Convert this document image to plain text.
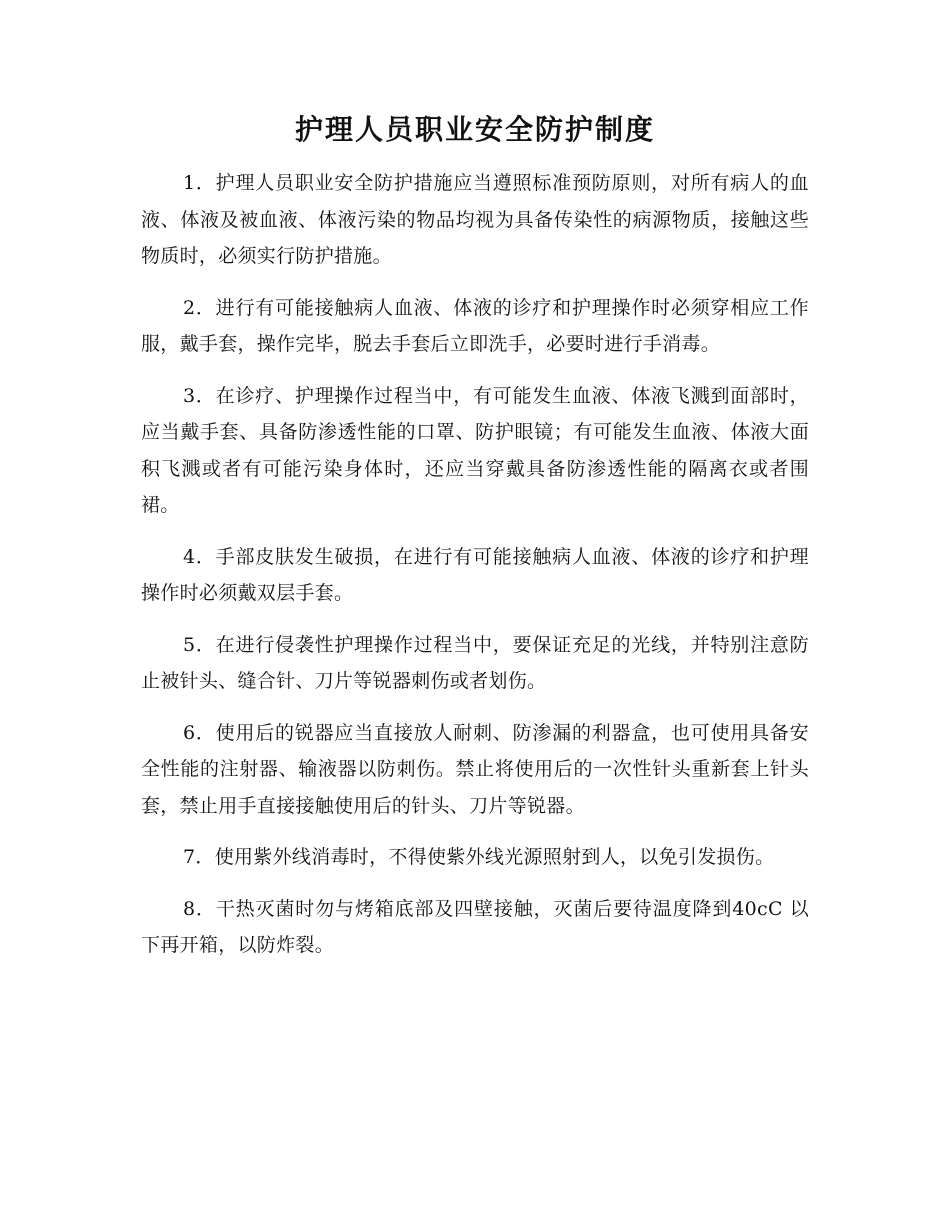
护理人员职业安全防护制度

1．护理人员职业安全防护措施应当遵照标准预防原则，对所有病人的血液、体液及被血液、体液污染的物品均视为具备传染性的病源物质，接触这些物质时，必须实行防护措施。

2．进行有可能接触病人血液、体液的诊疗和护理操作时必须穿相应工作服，戴手套，操作完毕，脱去手套后立即洗手，必要时进行手消毒。

3．在诊疗、护理操作过程当中，有可能发生血液、体液飞溅到面部时，应当戴手套、具备防渗透性能的口罩、防护眼镜；有可能发生血液、体液大面积飞溅或者有可能污染身体时，还应当穿戴具备防渗透性能的隔离衣或者围裙。

4．手部皮肤发生破损，在进行有可能接触病人血液、体液的诊疗和护理操作时必须戴双层手套。

5．在进行侵袭性护理操作过程当中，要保证充足的光线，并特别注意防止被针头、缝合针、刀片等锐器刺伤或者划伤。

6．使用后的锐器应当直接放人耐刺、防渗漏的利器盒，也可使用具备安全性能的注射器、输液器以防刺伤。禁止将使用后的一次性针头重新套上针头套，禁止用手直接接触使用后的针头、刀片等锐器。

7．使用紫外线消毒时，不得使紫外线光源照射到人，以免引发损伤。

8．干热灭菌时勿与烤箱底部及四壁接触，灭菌后要待温度降到40cC 以下再开箱，以防炸裂。
